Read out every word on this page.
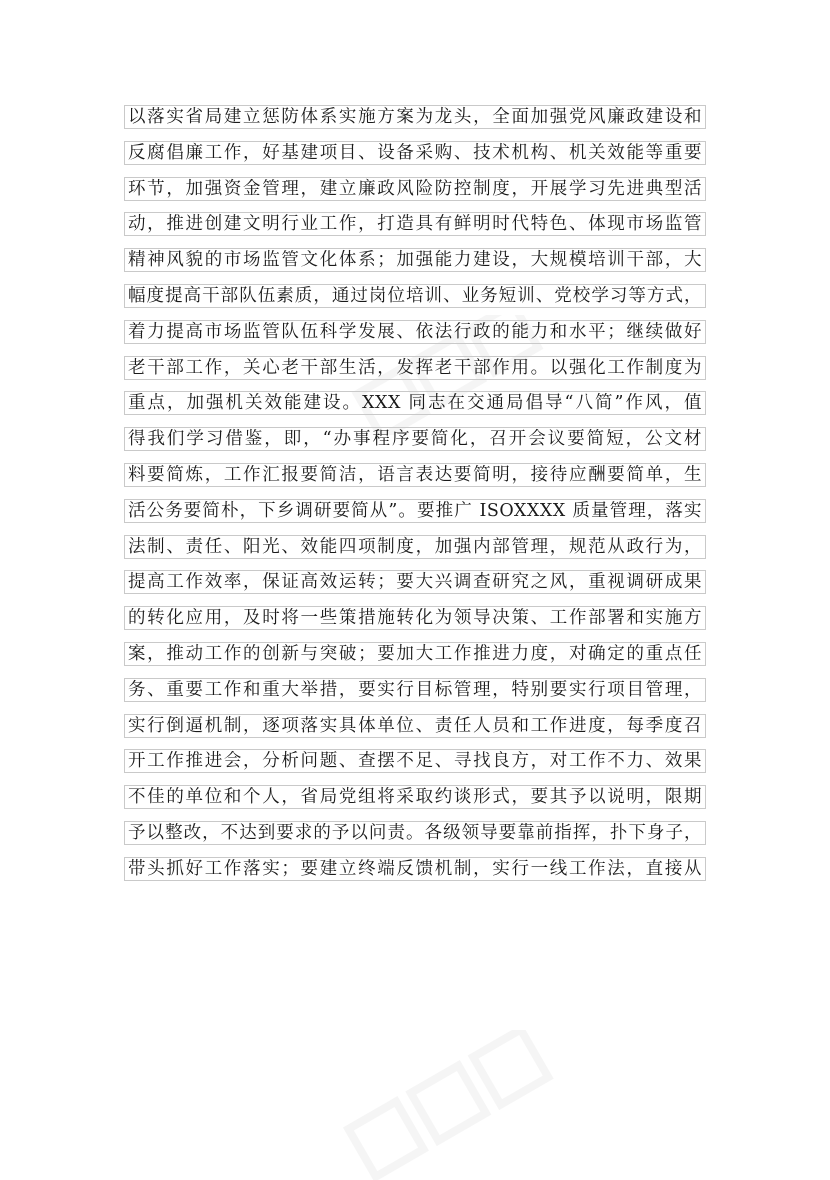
以落实省局建立惩防体系实施方案为龙头，全面加强党风廉政建设和
反腐倡廉工作，好基建项目、设备采购、技术机构、机关效能等重要
环节，加强资金管理，建立廉政风险防控制度，开展学习先进典型活
动，推进创建文明行业工作，打造具有鲜明时代特色、体现市场监管
精神风貌的市场监管文化体系；加强能力建设，大规模培训干部，大
幅度提高干部队伍素质，通过岗位培训、业务短训、党校学习等方式，
着力提高市场监管队伍科学发展、依法行政的能力和水平；继续做好
老干部工作，关心老干部生活，发挥老干部作用。以强化工作制度为
重点，加强机关效能建设。XXX 同志在交通局倡导“八简”作风，值
得我们学习借鉴，即，“办事程序要简化，召开会议要简短，公文材
料要简炼，工作汇报要简洁，语言表达要简明，接待应酬要简单，生
活公务要简朴，下乡调研要简从”。要推广 ISOXXXX 质量管理，落实
法制、责任、阳光、效能四项制度，加强内部管理，规范从政行为，
提高工作效率，保证高效运转；要大兴调查研究之风，重视调研成果
的转化应用，及时将一些策措施转化为领导决策、工作部署和实施方
案，推动工作的创新与突破；要加大工作推进力度，对确定的重点任
务、重要工作和重大举措，要实行目标管理，特别要实行项目管理，
实行倒逼机制，逐项落实具体单位、责任人员和工作进度，每季度召
开工作推进会，分析问题、查摆不足、寻找良方，对工作不力、效果
不佳的单位和个人，省局党组将采取约谈形式，要其予以说明，限期
予以整改，不达到要求的予以问责。各级领导要靠前指挥，扑下身子，
带头抓好工作落实；要建立终端反馈机制，实行一线工作法，直接从
